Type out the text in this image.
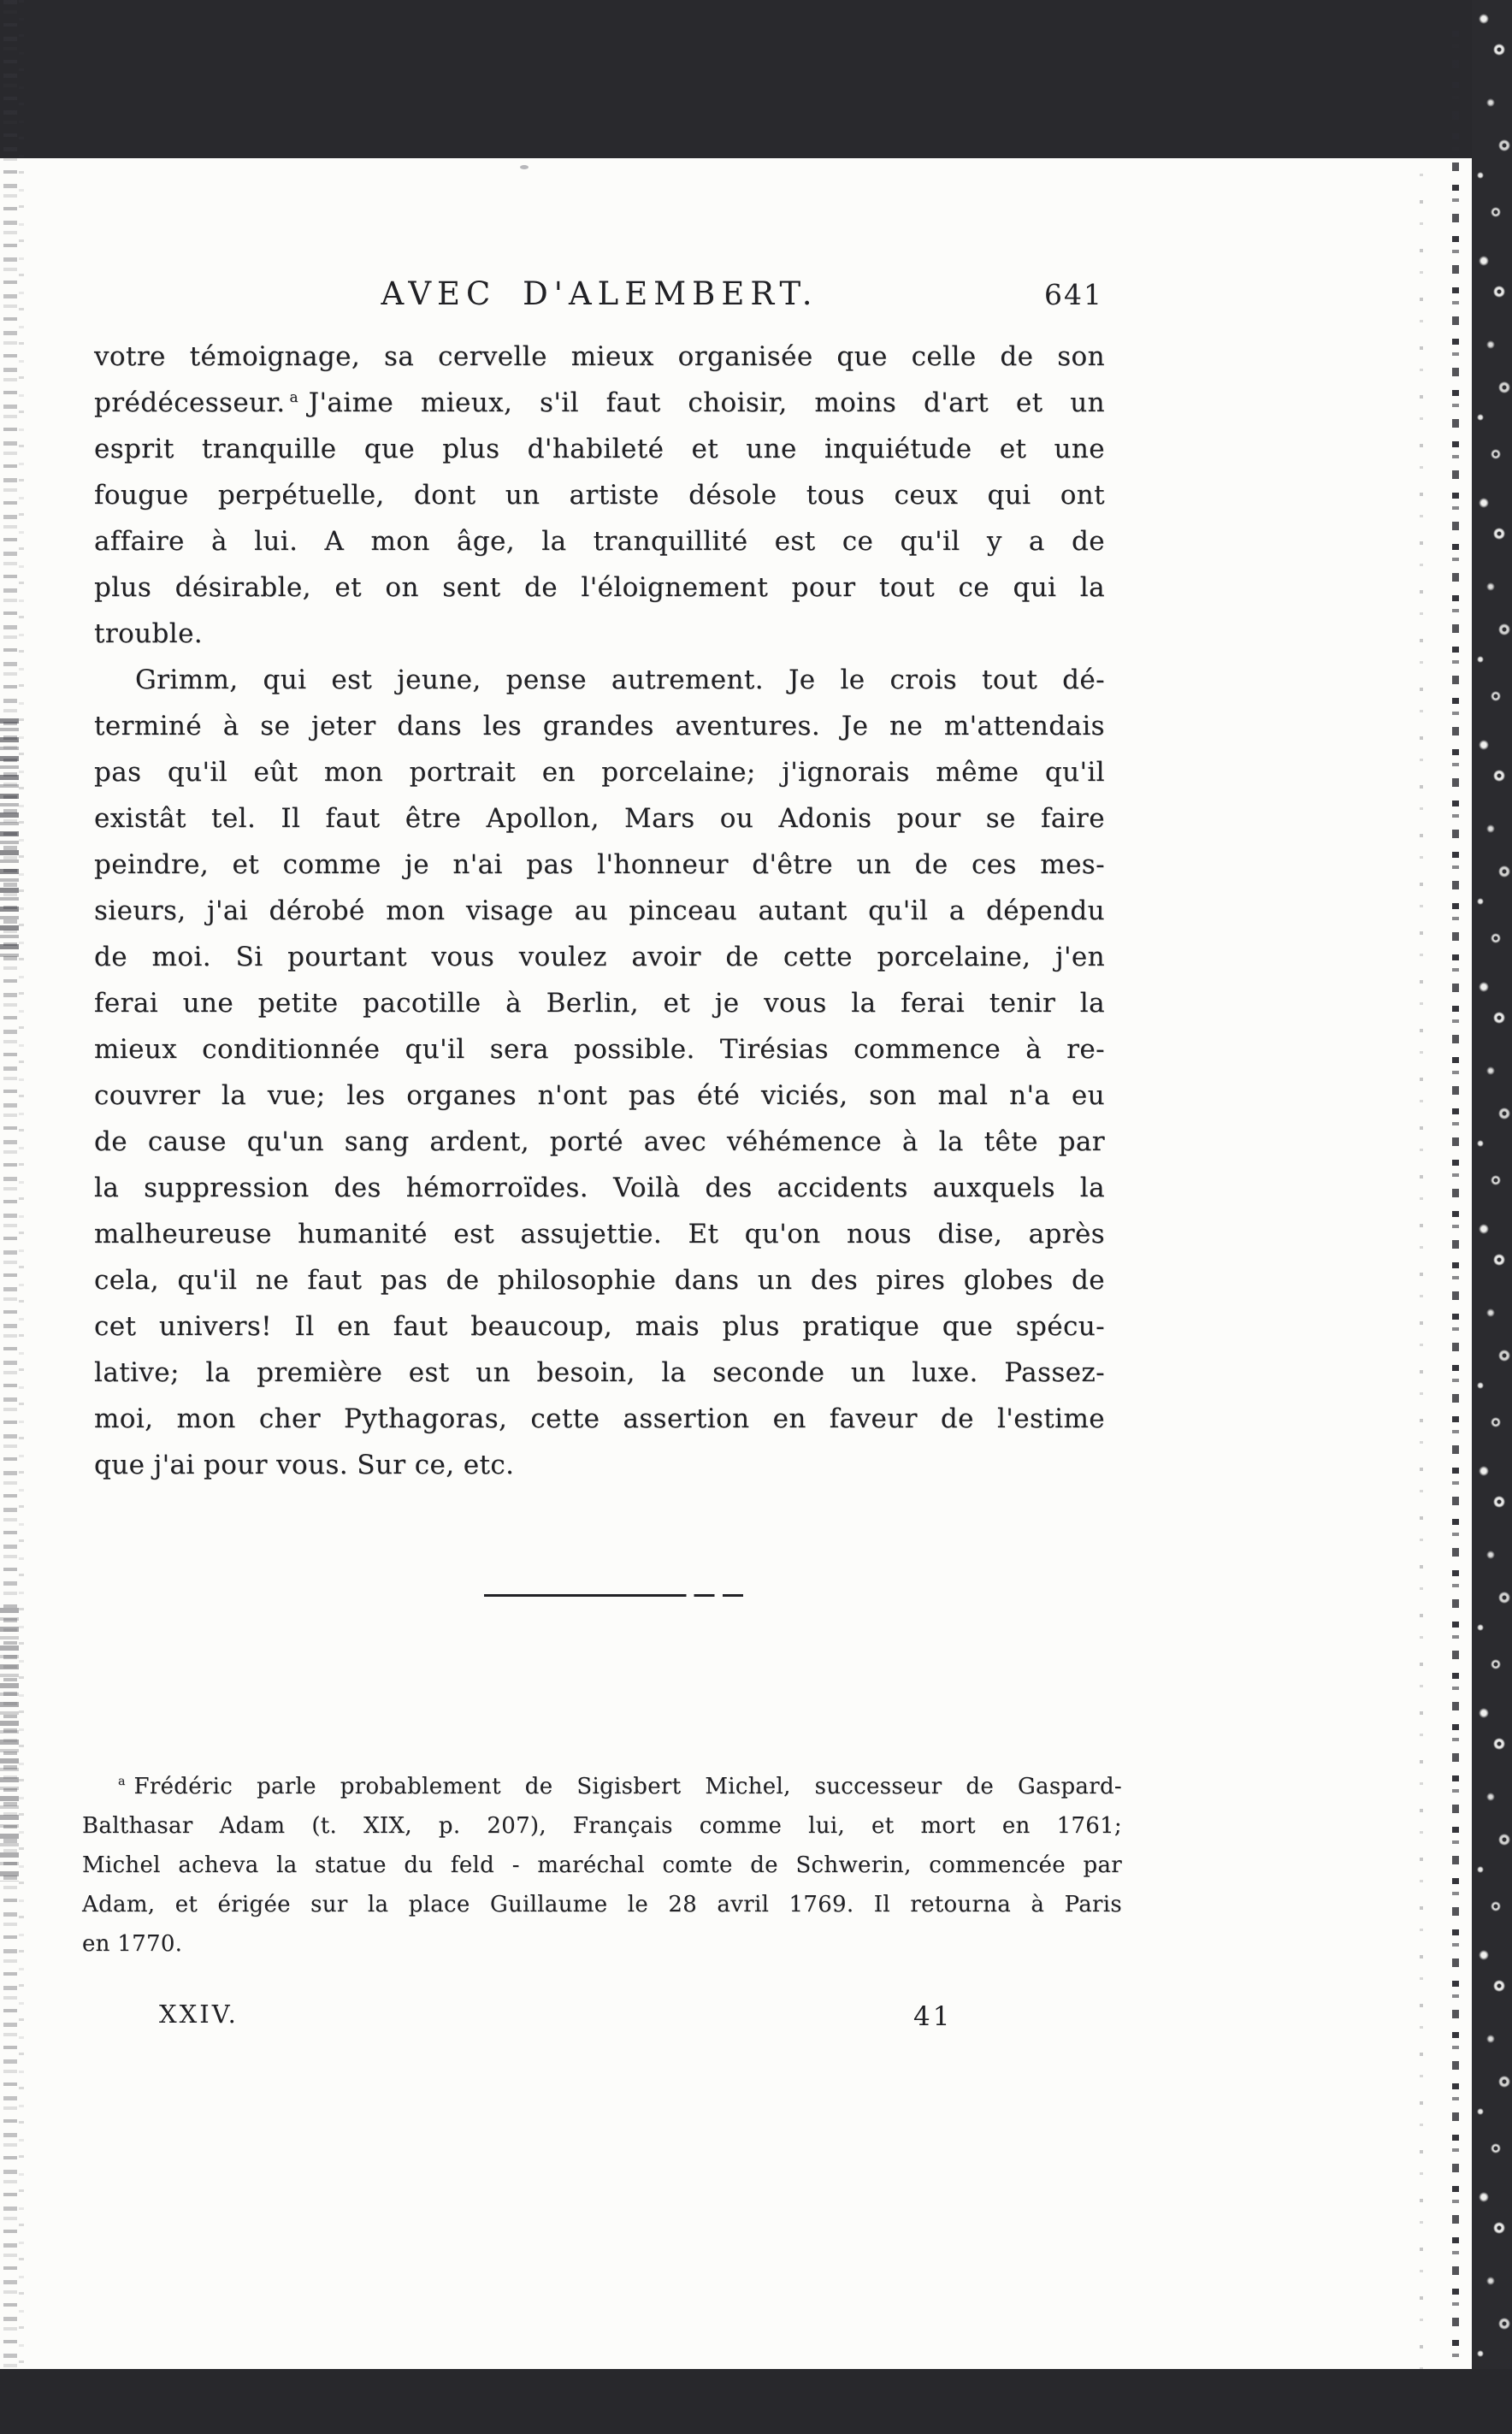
AVEC D'ALEMBERT.	641
votre témoignage, sa cervelle mieux organisée que celle de son
prédécesseur. $^a$ J'aime mieux, s'il faut choisir, moins d'art et un
esprit tranquille que plus d'habileté et une inquiétude et une
fougue perpétuelle, dont un artiste désole tous ceux qui ont
affaire à lui. A mon âge, la tranquillité est ce qu'il y a de
plus désirable, et on sent de l'éloignement pour tout ce qui la
trouble.
Grimm, qui est jeune, pense autrement. Je le crois tout dé-
terminé à se jeter dans les grandes aventures. Je ne m'attendais
pas qu'il eût mon portrait en porcelaine; j'ignorais même qu'il
existât tel. Il faut être Apollon, Mars ou Adonis pour se faire
peindre, et comme je n'ai pas l'honneur d'être un de ces mes-
sieurs, j'ai dérobé mon visage au pinceau autant qu'il a dépendu
de moi. Si pourtant vous voulez avoir de cette porcelaine, j'en
ferai une petite pacotille à Berlin, et je vous la ferai tenir la
mieux conditionnée qu'il sera possible. Tirésias commence à re-
couvrer la vue; les organes n'ont pas été viciés, son mal n'a eu
de cause qu'un sang ardent, porté avec véhémence à la tête par
la suppression des hémorroïdes. Voilà des accidents auxquels la
malheureuse humanité est assujettie. Et qu'on nous dise, après
cela, qu'il ne faut pas de philosophie dans un des pires globes de
cet univers! Il en faut beaucoup, mais plus pratique que spécu-
lative; la première est un besoin, la seconde un luxe. Passez-
moi, mon cher Pythagoras, cette assertion en faveur de l'estime
que j'ai pour vous. Sur ce, etc.
$^a$ Frédéric parle probablement de Sigisbert Michel, successeur de Gaspard-
Balthasar Adam (t. XIX, p. 207), Français comme lui, et mort en 1761;
Michel acheva la statue du feld - maréchal comte de Schwerin, commencée par
Adam, et érigée sur la place Guillaume le 28 avril 1769. Il retourna à Paris
en 1770.
XXIV.	41
